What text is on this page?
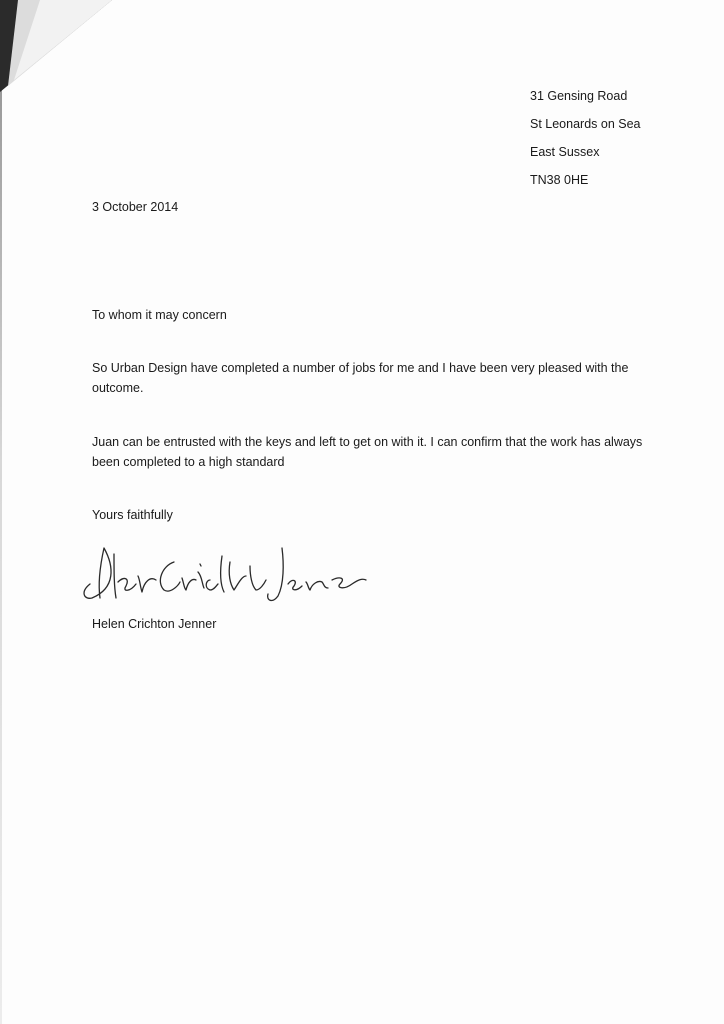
31 Gensing Road
St Leonards on Sea
East Sussex
TN38 0HE
3 October 2014
To whom it may concern
So Urban Design have completed a number of jobs for me and I have been very pleased with the outcome.
Juan can be entrusted with the keys and left to get on with it. I can confirm that the work has always been completed to a high standard
Yours faithfully
Helen Crichton Jenner
